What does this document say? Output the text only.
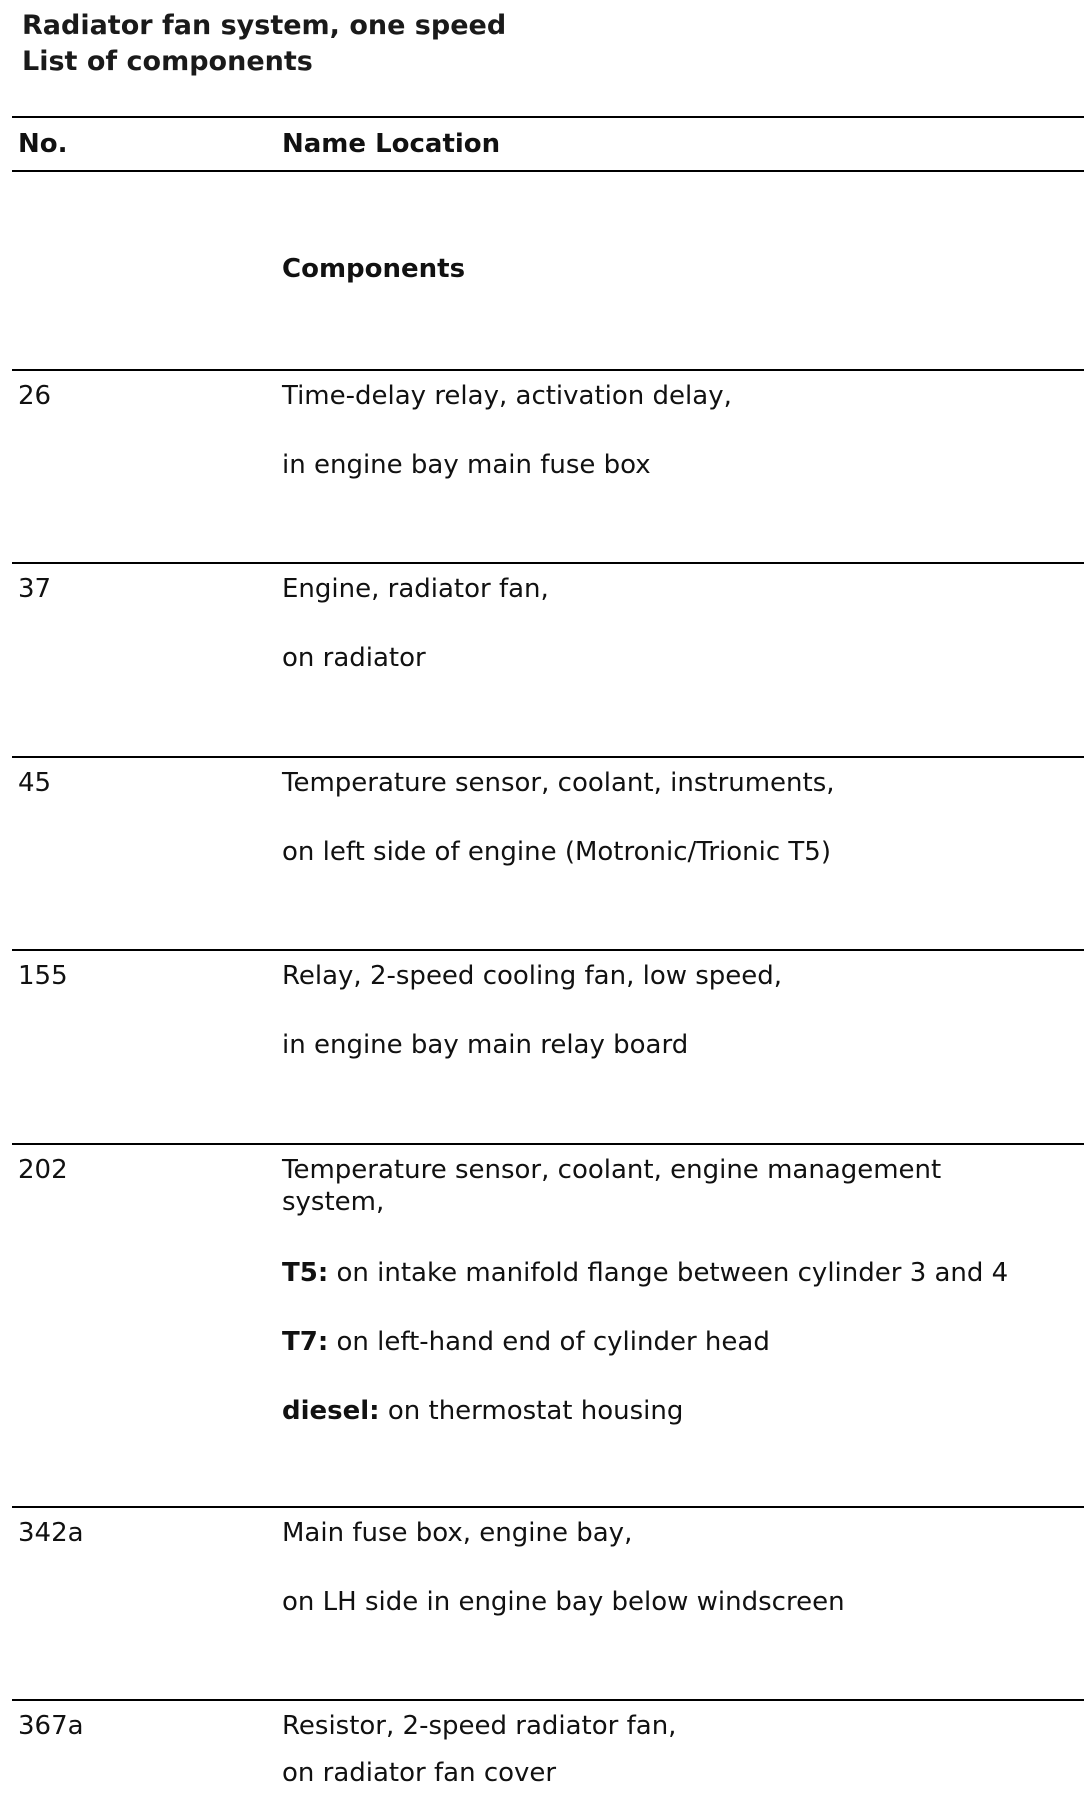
Radiator fan system, one speed
List of components
No.	Name Location
Components
26	Time-delay relay, activation delay,
in engine bay main fuse box
37	Engine, radiator fan,
on radiator
45	Temperature sensor, coolant, instruments,
on left side of engine (Motronic/Trionic T5)
155	Relay, 2-speed cooling fan, low speed,
in engine bay main relay board
202	Temperature sensor, coolant, engine management system,
T5: on intake manifold flange between cylinder 3 and 4
T7: on left-hand end of cylinder head
diesel: on thermostat housing
342a	Main fuse box, engine bay,
on LH side in engine bay below windscreen
367a	Resistor, 2-speed radiator fan,
on radiator fan cover
